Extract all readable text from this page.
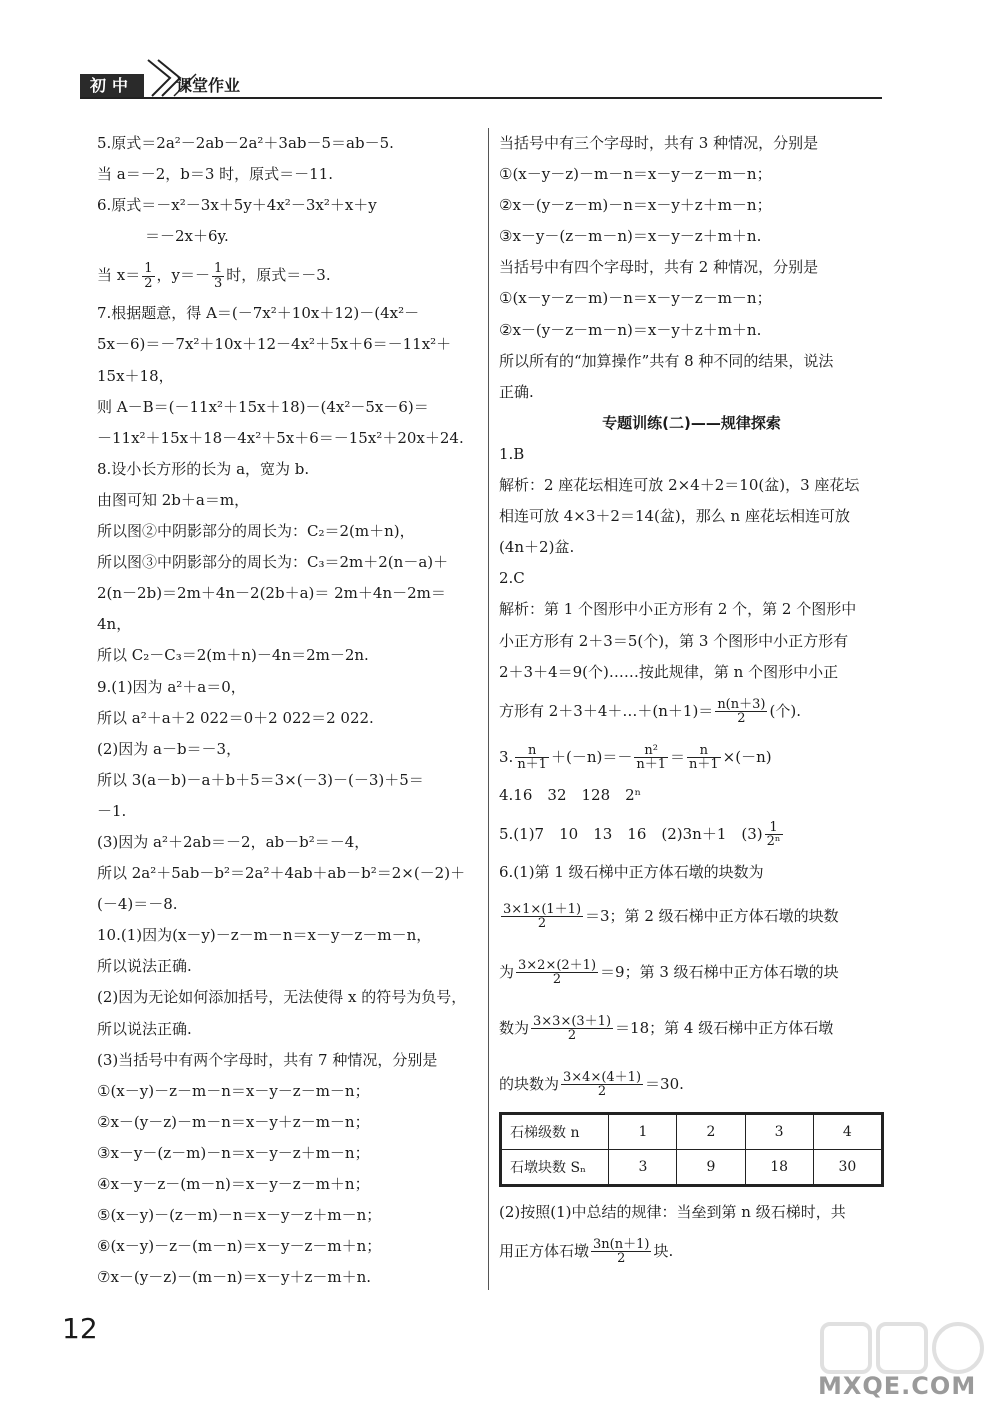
初中	课堂作业
5.原式＝2a²－2ab－2a²＋3ab－5＝ab－5.
当 a＝－2，b＝3 时，原式＝－11.
6.原式＝－x²－3x＋5y＋4x²－3x²＋x＋y
＝－2x＋6y.
当 $x= \frac{1}{2}$ ，$y=- \frac{1}{3}$ 时，原式＝－3.
7.根据题意，得 A＝(－7x²＋10x＋12)－(4x²－
5x－6)＝－7x²＋10x＋12－4x²＋5x＋6＝－11x²＋
15x＋18，
则 A－B＝(－11x²＋15x＋18)－(4x²－5x－6)＝
－11x²＋15x＋18－4x²＋5x＋6＝－15x²＋20x＋24.
8.设小长方形的长为 a，宽为 b.
由图可知 2b＋a＝m，
所以图②中阴影部分的周长为：C₂＝2(m＋n)，
所以图③中阴影部分的周长为：C₃＝2m＋2(n－a)＋
2(n－2b)＝2m＋4n－2(2b＋a)＝ 2m＋4n－2m＝
4n，
所以 C₂－C₃＝2(m＋n)－4n＝2m－2n.
9.(1)因为 a²＋a＝0，
所以 a²＋a＋2 022＝0＋2 022＝2 022.
(2)因为 a－b＝－3，
所以 3(a－b)－a＋b＋5＝3×(－3)－(－3)＋5＝
－1.
(3)因为 a²＋2ab＝－2，ab－b²＝－4，
所以 2a²＋5ab－b²＝2a²＋4ab＋ab－b²＝2×(－2)＋
(－4)＝－8.
10.(1)因为(x－y)－z－m－n＝x－y－z－m－n，
所以说法正确.
(2)因为无论如何添加括号，无法使得 x 的符号为负号，
所以说法正确.
(3)当括号中有两个字母时，共有 7 种情况，分别是
①(x－y)－z－m－n＝x－y－z－m－n；
②x－(y－z)－m－n＝x－y＋z－m－n；
③x－y－(z－m)－n＝x－y－z＋m－n；
④x－y－z－(m－n)＝x－y－z－m＋n；
⑤(x－y)－(z－m)－n＝x－y－z＋m－n；
⑥(x－y)－z－(m－n)＝x－y－z－m＋n；
⑦x－(y－z)－(m－n)＝x－y＋z－m＋n.
当括号中有三个字母时，共有 3 种情况，分别是
①(x－y－z)－m－n＝x－y－z－m－n；
②x－(y－z－m)－n＝x－y＋z＋m－n；
③x－y－(z－m－n)＝x－y－z＋m＋n.
当括号中有四个字母时，共有 2 种情况，分别是
①(x－y－z－m)－n＝x－y－z－m－n；
②x－(y－z－m－n)＝x－y＋z＋m＋n.
所以所有的“加算操作”共有 8 种不同的结果，说法
正确.
专题训练(二)——规律探索
1.B
解析：2 座花坛相连可放 2×4＋2＝10(盆)，3 座花坛
相连可放 4×3＋2＝14(盆)，那么 n 座花坛相连可放
(4n＋2)盆.
2.C
解析：第 1 个图形中小正方形有 2 个，第 2 个图形中
小正方形有 2＋3＝5(个)，第 3 个图形中小正方形有
2＋3＋4＝9(个)……按此规律，第 n 个图形中小正
方形有 2＋3＋4＋…＋(n＋1)＝ $\frac{n(n+3)}{2}$ (个).
3. $\frac{n}{n+1} +(-n)=- \frac{\text{n²}}{n+1} = \frac{n}{n+1} \times(-n)$
4.16　32　128　2ⁿ
5.(1)7　10　13　16　(2)3n＋1　$(3) \frac{1}{\text{2ⁿ}}$
6.(1)第 1 级石梯中正方体石墩的块数为
$\frac{3\times 1\times(1+1)}{2} =3$；第 2 级石梯中正方体石墩的块数
为 $\frac{3\times 2\times(2+1)}{2} =9$；第 3 级石梯中正方体石墩的块
数为 $\frac{3\times 3\times(3+1)}{2} =18$；第 4 级石梯中正方体石墩
的块数为 $\frac{3\times 4\times(4+1)}{2} =30$.
石梯级数 n	1	2	3	4
石墩块数 Sₙ	3	9	18	30
(2)按照(1)中总结的规律：当垒到第 n 级石梯时，共
用正方体石墩 $\frac{3n(n+1)}{2}$ 块.
12
MXQE.COM
